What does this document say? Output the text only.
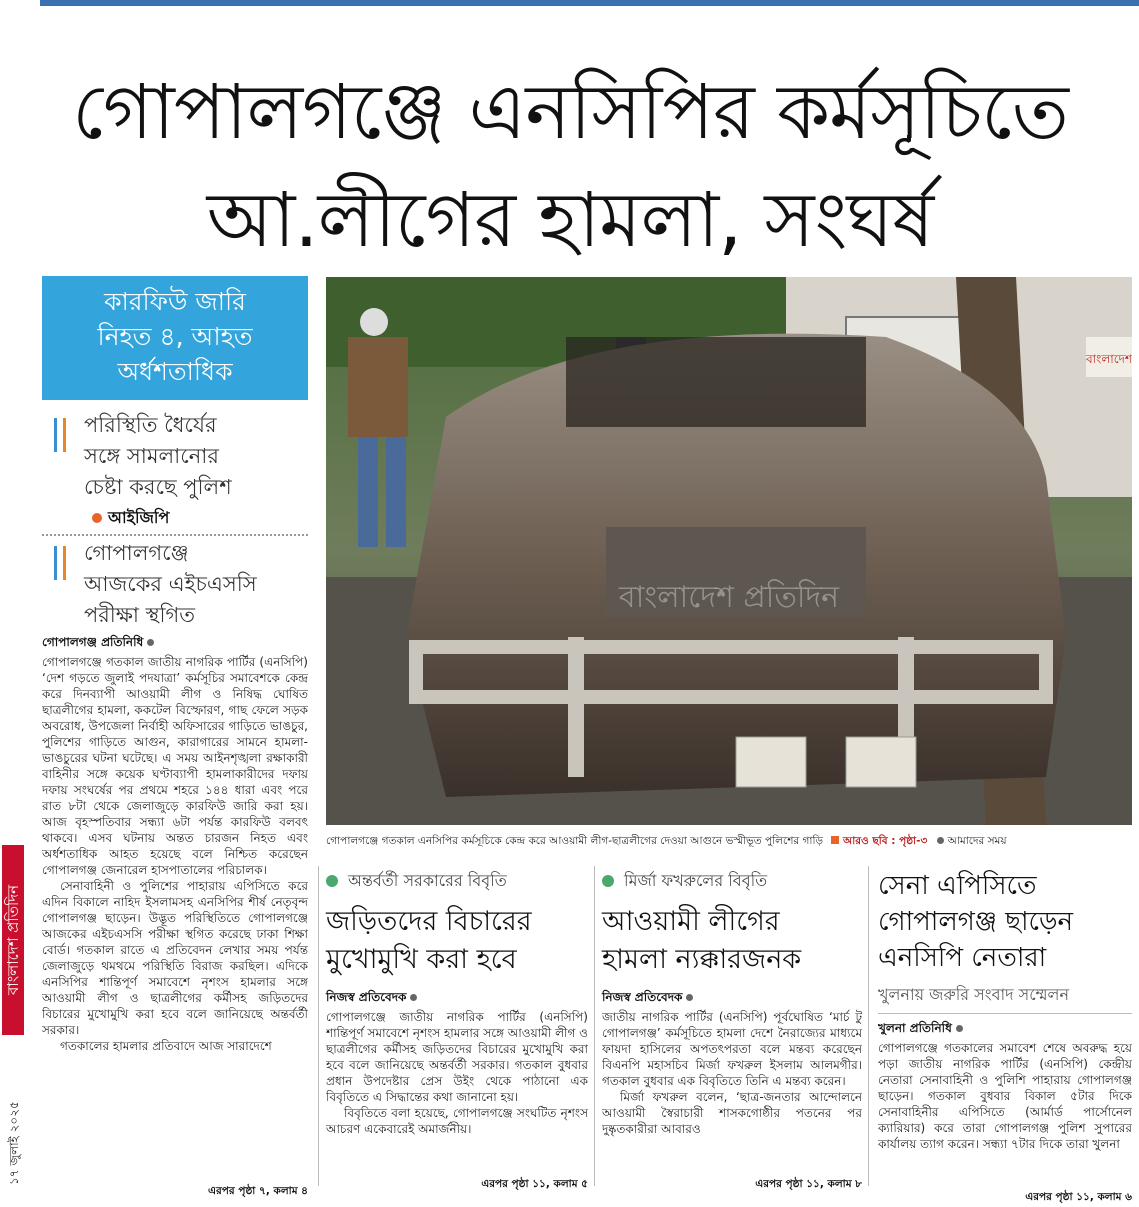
গোপালগঞ্জে এনসিপির কর্মসূচিতে
আ.লীগের হামলা, সংঘর্ষ
বাংলাদেশ প্রতিদিন
১৭ জুলাই ২০২৫
কারফিউ জারি
নিহত ৪, আহত
অর্ধশতাধিক
পরিস্থিতি ধৈর্যের
সঙ্গে সামলানোর
চেষ্টা করছে পুলিশ
আইজিপি
গোপালগঞ্জে
আজকের এইচএসসি
পরীক্ষা স্থগিত
গোপালগঞ্জ প্রতিনিধি

গোপালগঞ্জে গতকাল জাতীয় নাগরিক পার্টির (এনসিপি) ‘দেশ গড়তে জুলাই পদযাত্রা’ কর্মসূচির সমাবেশকে কেন্দ্র করে দিনব্যাপী আওয়ামী লীগ ও নিষিদ্ধ ঘোষিত ছাত্রলীগের হামলা, ককটেল বিস্ফোরণ, গাছ ফেলে সড়ক অবরোধ, উপজেলা নির্বাহী অফিসারের গাড়িতে ভাঙচুর, পুলিশের গাড়িতে আগুন, কারাগারের সামনে হামলা-ভাঙচুরের ঘটনা ঘটেছে। এ সময় আইনশৃঙ্খলা রক্ষাকারী বাহিনীর সঙ্গে কয়েক ঘণ্টাব্যাপী হামলাকারীদের দফায় দফায় সংঘর্ষের পর প্রথমে শহরে ১৪৪ ধারা এবং পরে রাত ৮টা থেকে জেলাজুড়ে কারফিউ জারি করা হয়। আজ বৃহস্পতিবার সন্ধ্যা ৬টা পর্যন্ত কারফিউ বলবৎ থাকবে। এসব ঘটনায় অন্তত চারজন নিহত এবং অর্ধশতাধিক আহত হয়েছে বলে নিশ্চিত করেছেন গোপালগঞ্জ জেনারেল হাসপাতালের পরিচালক।

সেনাবাহিনী ও পুলিশের পাহারায় এপিসিতে করে এদিন বিকালে নাহিদ ইসলামসহ এনসিপির শীর্ষ নেতৃবৃন্দ গোপালগঞ্জ ছাড়েন। উদ্ভূত পরিস্থিতিতে গোপালগঞ্জে আজকের এইচএসসি পরীক্ষা স্থগিত করেছে ঢাকা শিক্ষা বোর্ড। গতকাল রাতে এ প্রতিবেদন লেখার সময় পর্যন্ত জেলাজুড়ে থমথমে পরিস্থিতি বিরাজ করছিল। এদিকে এনসিপির শান্তিপূর্ণ সমাবেশে নৃশংস হামলার সঙ্গে আওয়ামী লীগ ও ছাত্রলীগের কর্মীসহ জড়িতদের বিচারের মুখোমুখি করা হবে বলে জানিয়েছে অন্তর্বর্তী সরকার।

গতকালের হামলার প্রতিবাদে আজ সারাদেশে

এরপর পৃষ্ঠা ৭, কলাম ৪
বাংলাদেশ প্রতিদিন
বাংলাদেশ
গোপালগঞ্জে গতকাল এনসিপির কর্মসূচিকে কেন্দ্র করে আওয়ামী লীগ-ছাত্রলীগের দেওয়া আগুনে ভস্মীভূত পুলিশের গাড়ি আরও ছবি : পৃষ্ঠা-৩ আমাদের সময়
অন্তর্বর্তী সরকারের বিবৃতি
জড়িতদের বিচারের
মুখোমুখি করা হবে
নিজস্ব প্রতিবেদক

গোপালগঞ্জে জাতীয় নাগরিক পার্টির (এনসিপি) শান্তিপূর্ণ সমাবেশে নৃশংস হামলার সঙ্গে আওয়ামী লীগ ও ছাত্রলীগের কর্মীসহ জড়িতদের বিচারের মুখোমুখি করা হবে বলে জানিয়েছে অন্তর্বর্তী সরকার। গতকাল বুধবার প্রধান উপদেষ্টার প্রেস উইং থেকে পাঠানো এক বিবৃতিতে এ সিদ্ধান্তের কথা জানানো হয়।

বিবৃতিতে বলা হয়েছে, গোপালগঞ্জে সংঘটিত নৃশংস আচরণ একেবারেই অমার্জনীয়।

এরপর পৃষ্ঠা ১১, কলাম ৫
মির্জা ফখরুলের বিবৃতি
আওয়ামী লীগের
হামলা ন্যক্কারজনক
নিজস্ব প্রতিবেদক

জাতীয় নাগরিক পার্টির (এনসিপি) পূর্বঘোষিত ‘মার্চ টু গোপালগঞ্জ’ কর্মসূচিতে হামলা দেশে নৈরাজ্যের মাধ্যমে ফায়দা হাসিলের অপতৎপরতা বলে মন্তব্য করেছেন বিএনপি মহাসচিব মির্জা ফখরুল ইসলাম আলমগীর। গতকাল বুধবার এক বিবৃতিতে তিনি এ মন্তব্য করেন।

মির্জা ফখরুল বলেন, ‘ছাত্র-জনতার আন্দোলনে আওয়ামী স্বৈরাচারী শাসকগোষ্ঠীর পতনের পর দুষ্কৃতকারীরা আবারও

এরপর পৃষ্ঠা ১১, কলাম ৮
সেনা এপিসিতে
গোপালগঞ্জ ছাড়েন
এনসিপি নেতারা
খুলনায় জরুরি সংবাদ সম্মেলন
খুলনা প্রতিনিধি

গোপালগঞ্জে গতকালের সমাবেশ শেষে অবরুদ্ধ হয়ে পড়া জাতীয় নাগরিক পার্টির (এনসিপি) কেন্দ্রীয় নেতারা সেনাবাহিনী ও পুলিশি পাহারায় গোপালগঞ্জ ছাড়েন। গতকাল বুধবার বিকাল ৫টার দিকে সেনাবাহিনীর এপিসিতে (আর্মার্ড পার্সোনেল ক্যারিয়ার) করে তারা গোপালগঞ্জ পুলিশ সুপারের কার্যালয় ত্যাগ করেন। সন্ধ্যা ৭টার দিকে তারা খুলনা

এরপর পৃষ্ঠা ১১, কলাম ৬
